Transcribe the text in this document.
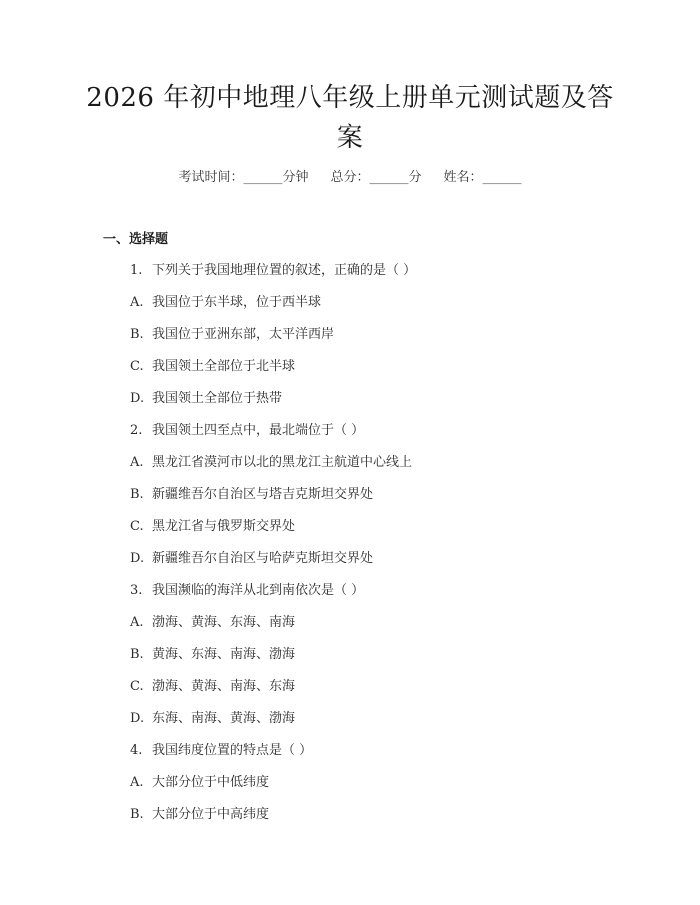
2026 年初中地理八年级上册单元测试题及答
案
考试时间：______分钟 总分：______分 姓名：______
一、选择题
1. 下列关于我国地理位置的叙述，正确的是（ ）
A. 我国位于东半球，位于西半球
B. 我国位于亚洲东部，太平洋西岸
C. 我国领土全部位于北半球
D. 我国领土全部位于热带
2. 我国领土四至点中，最北端位于（ ）
A. 黑龙江省漠河市以北的黑龙江主航道中心线上
B. 新疆维吾尔自治区与塔吉克斯坦交界处
C. 黑龙江省与俄罗斯交界处
D. 新疆维吾尔自治区与哈萨克斯坦交界处
3. 我国濒临的海洋从北到南依次是（ ）
A. 渤海、黄海、东海、南海
B. 黄海、东海、南海、渤海
C. 渤海、黄海、南海、东海
D. 东海、南海、黄海、渤海
4. 我国纬度位置的特点是（ ）
A. 大部分位于中低纬度
B. 大部分位于中高纬度
